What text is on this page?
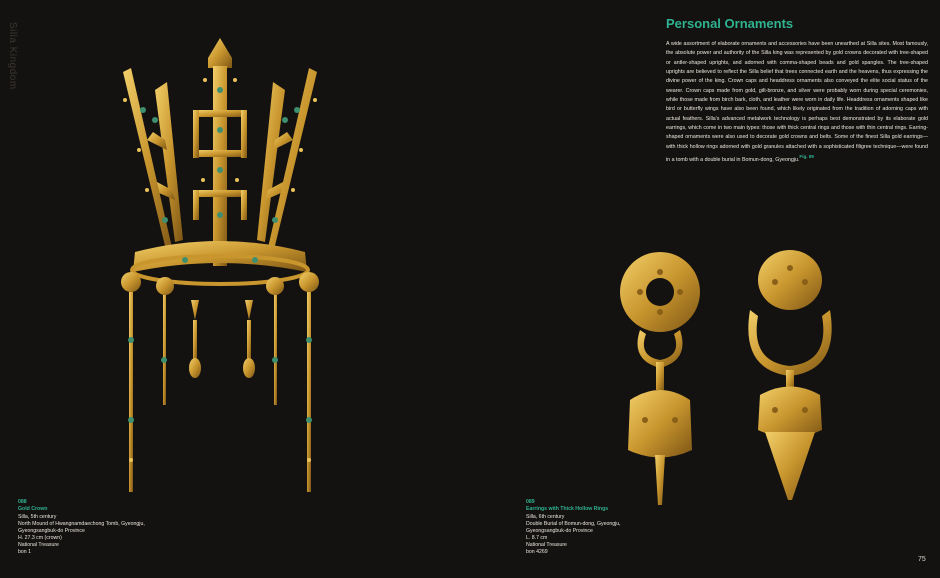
Silla Kingdom
088
Gold Crown
Silla, 5th century
North Mound of Hwangnamdaechong Tomb, Gyeongju,
Gyeongsangbuk-do Province
H. 27.3 cm (crown)
National Treasure
bon 1
089
Earrings with Thick Hollow Rings
Silla, 6th century
Double Burial of Bomun-dong, Gyeongju,
Gyeongsangbuk-do Province
L. 8.7 cm
National Treasure
bon 4269
Personal Ornaments
A wide assortment of elaborate ornaments and accessories have been unearthed at Silla sites. Most famously, the absolute power and authority of the Silla king was represented by gold crowns decorated with tree-shaped or antler-shaped uprights, and adorned with comma-shaped beads and gold spangles. The tree-shaped uprights are believed to reflect the Silla belief that trees connected earth and the heavens, thus expressing the divine power of the king. Crown caps and headdress ornaments also conveyed the elite social status of the wearer. Crown caps made from gold, gilt-bronze, and silver were probably worn during special ceremonies, while those made from birch bark, cloth, and leather were worn in daily life. Headdress ornaments shaped like bird or butterfly wings have also been found, which likely originated from the tradition of adorning caps with actual feathers. Silla's advanced metalwork technology is perhaps best demonstrated by its elaborate gold earrings, which come in two main types: those with thick central rings and those with thin central rings. Earring-shaped ornaments were also used to decorate gold crowns and belts. Some of the finest Silla gold earrings—with thick hollow rings adorned with gold granules attached with a sophisticated filigree technique—were found in a tomb with a double burial in Bomun-dong, Gyeongju.$^{Fig. 89}$
75
